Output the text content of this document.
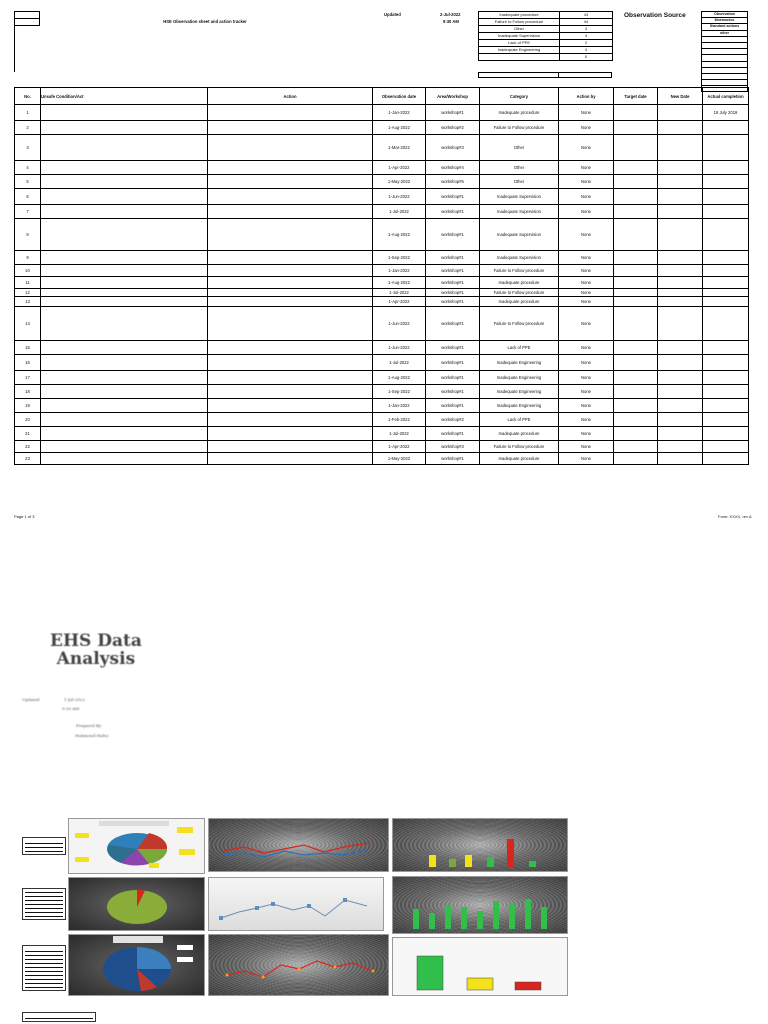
HSE Observation sheet and action tracker
Updated	2-Jul-2022
9:30 AM
Inadequate procedure	43
Failure to Follow procedure	44
Other	3
Inadequate Supervision	4
Lack of PPE	2
Inadequate Engineering	4
	0
Observation Source	Observation
Mnemonics
Standard actions
other

No.	Unsafe Condition/Act	Action	Observation date	Area/Workshop	Category	Action by	Target date	New Date	Actual completion
1			1-Jan-2022	workshop#1	Inadequate procedure	None			18 July 2019
2			1-Aug-2022	workshop#2	Failure to Follow procedure	None			
3			1-Mar-2022	workshop#3	Other	None			
4			1-Apr-2022	workshop#4	Other	None			
5			1-May-2022	workshop#5	Other	None			
6			1-Jun-2022	workshop#1	Inadequate Supervision	None			
7			1-Jul-2022	workshop#1	Inadequate Supervision	None			
8			1-Aug-2022	workshop#1	Inadequate Supervision	None			
9			1-Sep-2022	workshop#1	Inadequate Supervision	None			
10			1-Jan-2022	workshop#1	Failure to Follow procedure	None			
11			1-Aug-2022	workshop#1	Inadequate procedure	None			
12			1-Jul-2022	workshop#1	Failure to Follow procedure	None			
13			1-Apr-2022	workshop#1	Inadequate procedure	None			
14			1-Jun-2022	workshop#1	Failure to Follow procedure	None			
15			1-Jun-2022	workshop#1	Lack of PPE	None			
16			1-Jul-2022	workshop#1	Inadequate Engineering	None			
17			1-Aug-2022	workshop#1	Inadequate Engineering	None			
18			1-Sep-2022	workshop#1	Inadequate Engineering	None			
19			1-Jan-2022	workshop#1	Inadequate Engineering	None			
20			1-Feb-2022	workshop#2	Lack of PPE	None			
21			1-Jul-2022	workshop#1	Inadequate procedure	None			
22			1-Apr-2022	workshop#3	Failure to Follow procedure	None			
23			1-May-2022	workshop#1	Inadequate procedure	None			
Page 1 of 3	Form: XXXX, rev A
EHS Data
Analysis
Updated	1-Jul-2022
9:30 AM
Prepared By
Mahmoud Hafez
